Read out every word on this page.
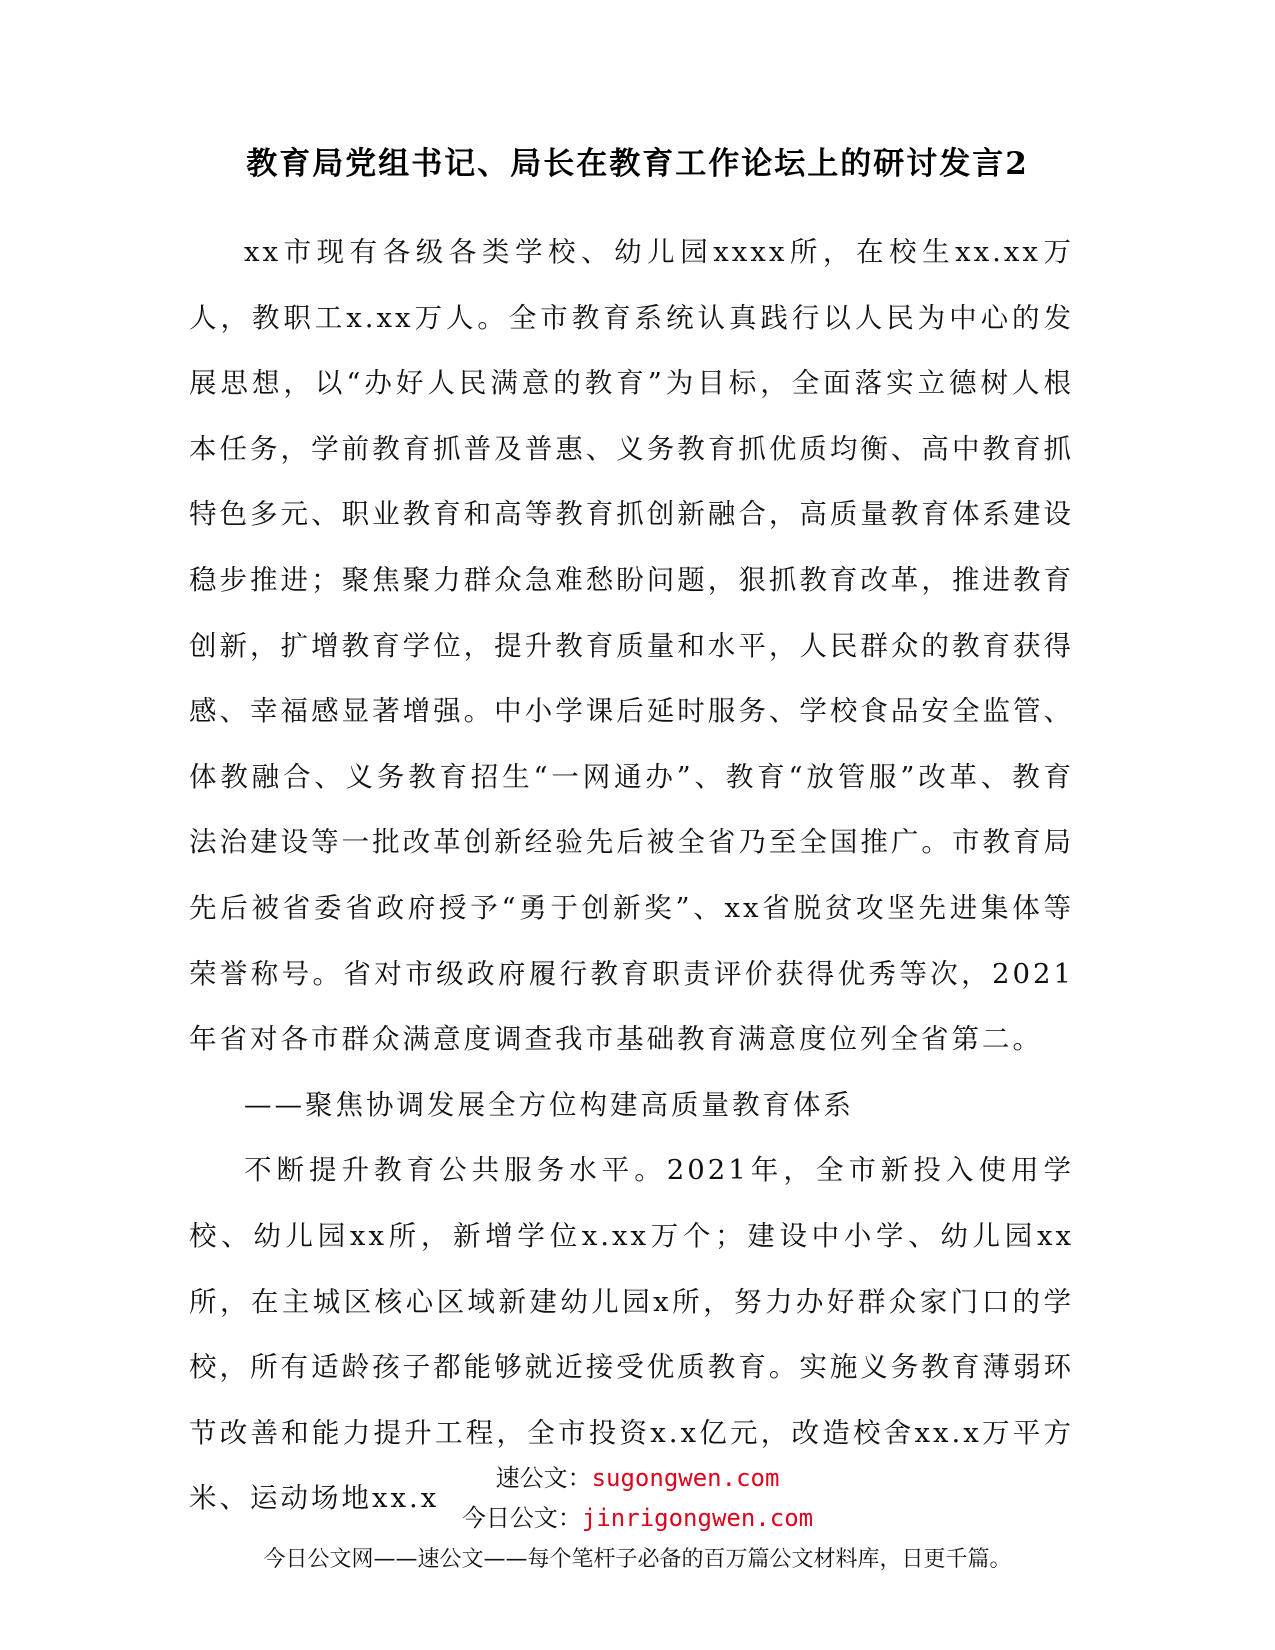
教育局党组书记、局长在教育工作论坛上的研讨发言2

xx市现有各级各类学校、幼儿园xxxx所，在校生xx.xx万人，教职工x.xx万人。全市教育系统认真践行以人民为中心的发展思想，以“办好人民满意的教育”为目标，全面落实立德树人根本任务，学前教育抓普及普惠、义务教育抓优质均衡、高中教育抓特色多元、职业教育和高等教育抓创新融合，高质量教育体系建设稳步推进；聚焦聚力群众急难愁盼问题，狠抓教育改革，推进教育创新，扩增教育学位，提升教育质量和水平，人民群众的教育获得感、幸福感显著增强。中小学课后延时服务、学校食品安全监管、体教融合、义务教育招生“一网通办”、教育“放管服”改革、教育法治建设等一批改革创新经验先后被全省乃至全国推广。市教育局先后被省委省政府授予“勇于创新奖”、xx省脱贫攻坚先进集体等荣誉称号。省对市级政府履行教育职责评价获得优秀等次，2021年省对各市群众满意度调查我市基础教育满意度位列全省第二。

——聚焦协调发展全方位构建高质量教育体系

不断提升教育公共服务水平。2021年，全市新投入使用学校、幼儿园xx所，新增学位x.xx万个；建设中小学、幼儿园xx所，在主城区核心区域新建幼儿园x所，努力办好群众家门口的学校，所有适龄孩子都能够就近接受优质教育。实施义务教育薄弱环节改善和能力提升工程，全市投资x.x亿元，改造校舍xx.x万平方米、运动场地xx.x

速公文：sugongwen.com
今日公文：jinrigongwen.com
今日公文网——速公文——每个笔杆子必备的百万篇公文材料库，日更千篇。
